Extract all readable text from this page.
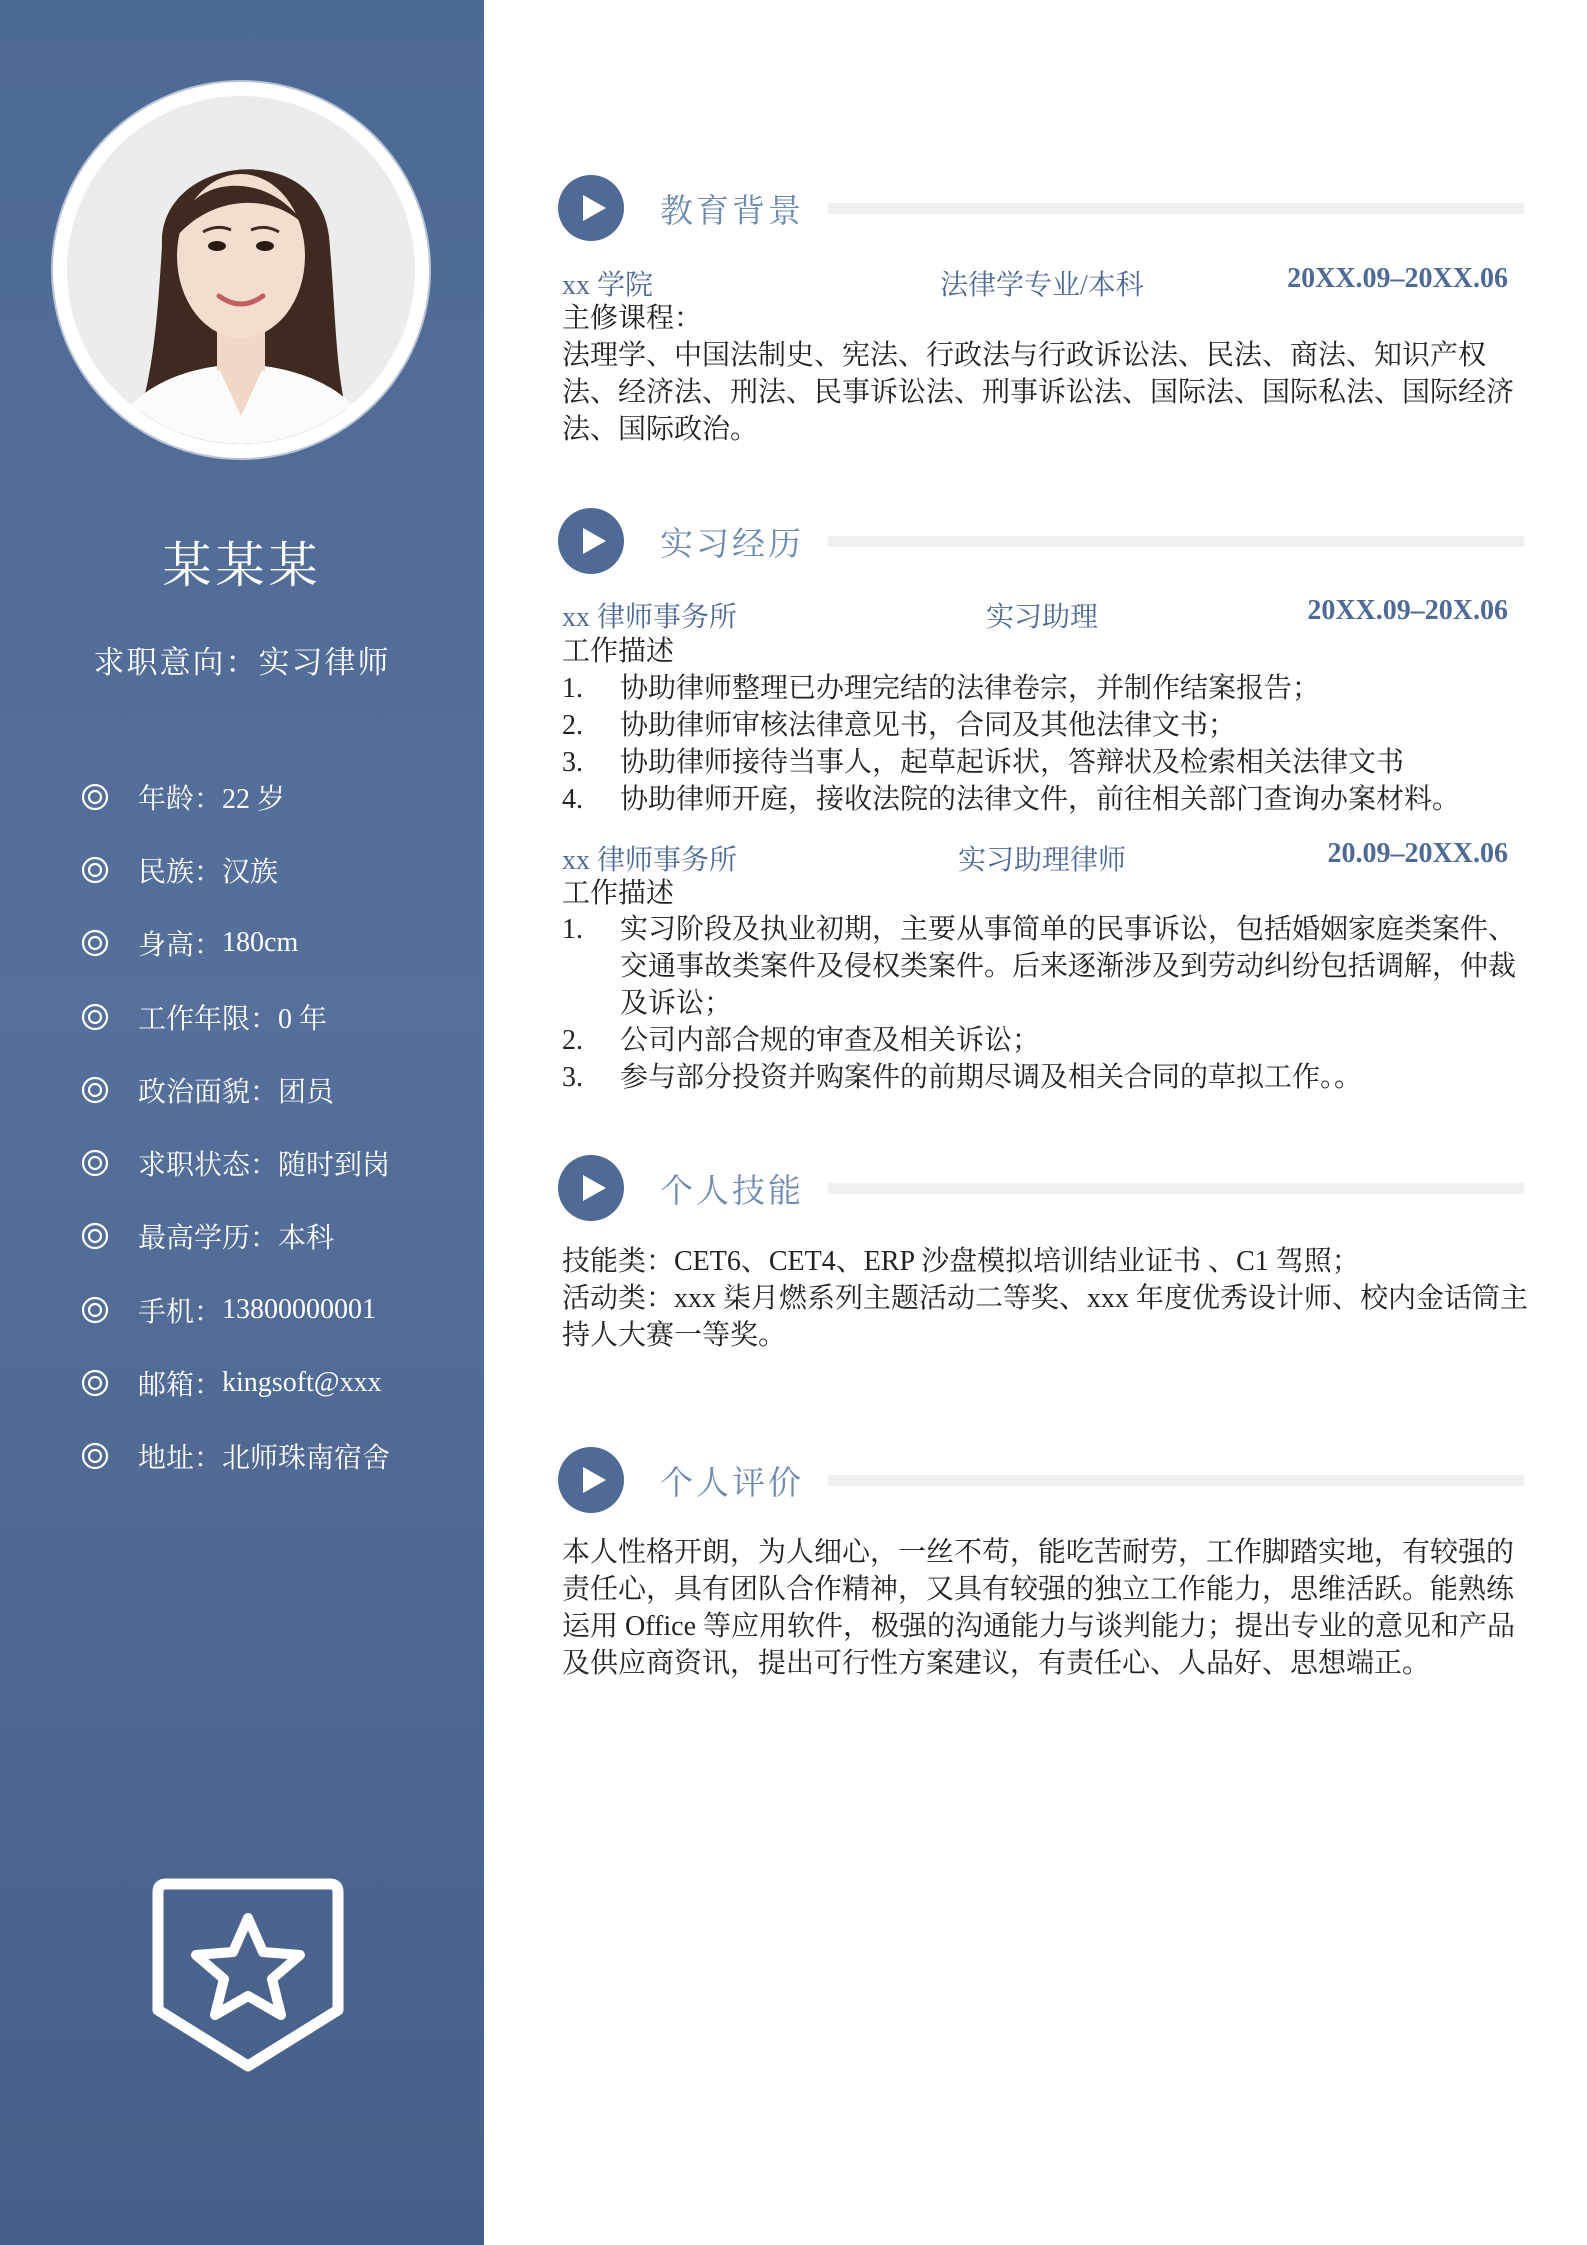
某某某
求职意向：实习律师
年龄： 22 岁
民族： 汉族
身高： 180cm
工作年限： 0 年
政治面貌： 团员
求职状态： 随时到岗
最高学历： 本科
手机： 13800000001
邮箱： kingsoft@xxx
地址： 北师珠南宿舍
教育背景
xx 学院	法律学专业/本科	20XX.09–20XX.06
主修课程：
法理学、中国法制史、宪法、行政法与行政诉讼法、民法、商法、知识产权法、经济法、刑法、民事诉讼法、刑事诉讼法、国际法、国际私法、国际经济法、国际政治。
实习经历
xx 律师事务所	实习助理	20XX.09–20X.06
工作描述
1. 协助律师整理已办理完结的法律卷宗，并制作结案报告；
2. 协助律师审核法律意见书，合同及其他法律文书；
3. 协助律师接待当事人，起草起诉状，答辩状及检索相关法律文书
4. 协助律师开庭，接收法院的法律文件，前往相关部门查询办案材料。
xx 律师事务所	实习助理律师	20.09–20XX.06
工作描述
1. 实习阶段及执业初期，主要从事简单的民事诉讼，包括婚姻家庭类案件、交通事故类案件及侵权类案件。后来逐渐涉及到劳动纠纷包括调解，仲裁及诉讼；
2. 公司内部合规的审查及相关诉讼；
3. 参与部分投资并购案件的前期尽调及相关合同的草拟工作。。
个人技能
技能类：CET6、CET4、ERP 沙盘模拟培训结业证书 、C1 驾照；
活动类：xxx 柒月燃系列主题活动二等奖、xxx 年度优秀设计师、校内金话筒主持人大赛一等奖。
个人评价
本人性格开朗，为人细心，一丝不苟，能吃苦耐劳，工作脚踏实地，有较强的责任心，具有团队合作精神，又具有较强的独立工作能力，思维活跃。能熟练运用 Office 等应用软件，极强的沟通能力与谈判能力；提出专业的意见和产品及供应商资讯，提出可行性方案建议，有责任心、人品好、思想端正。
